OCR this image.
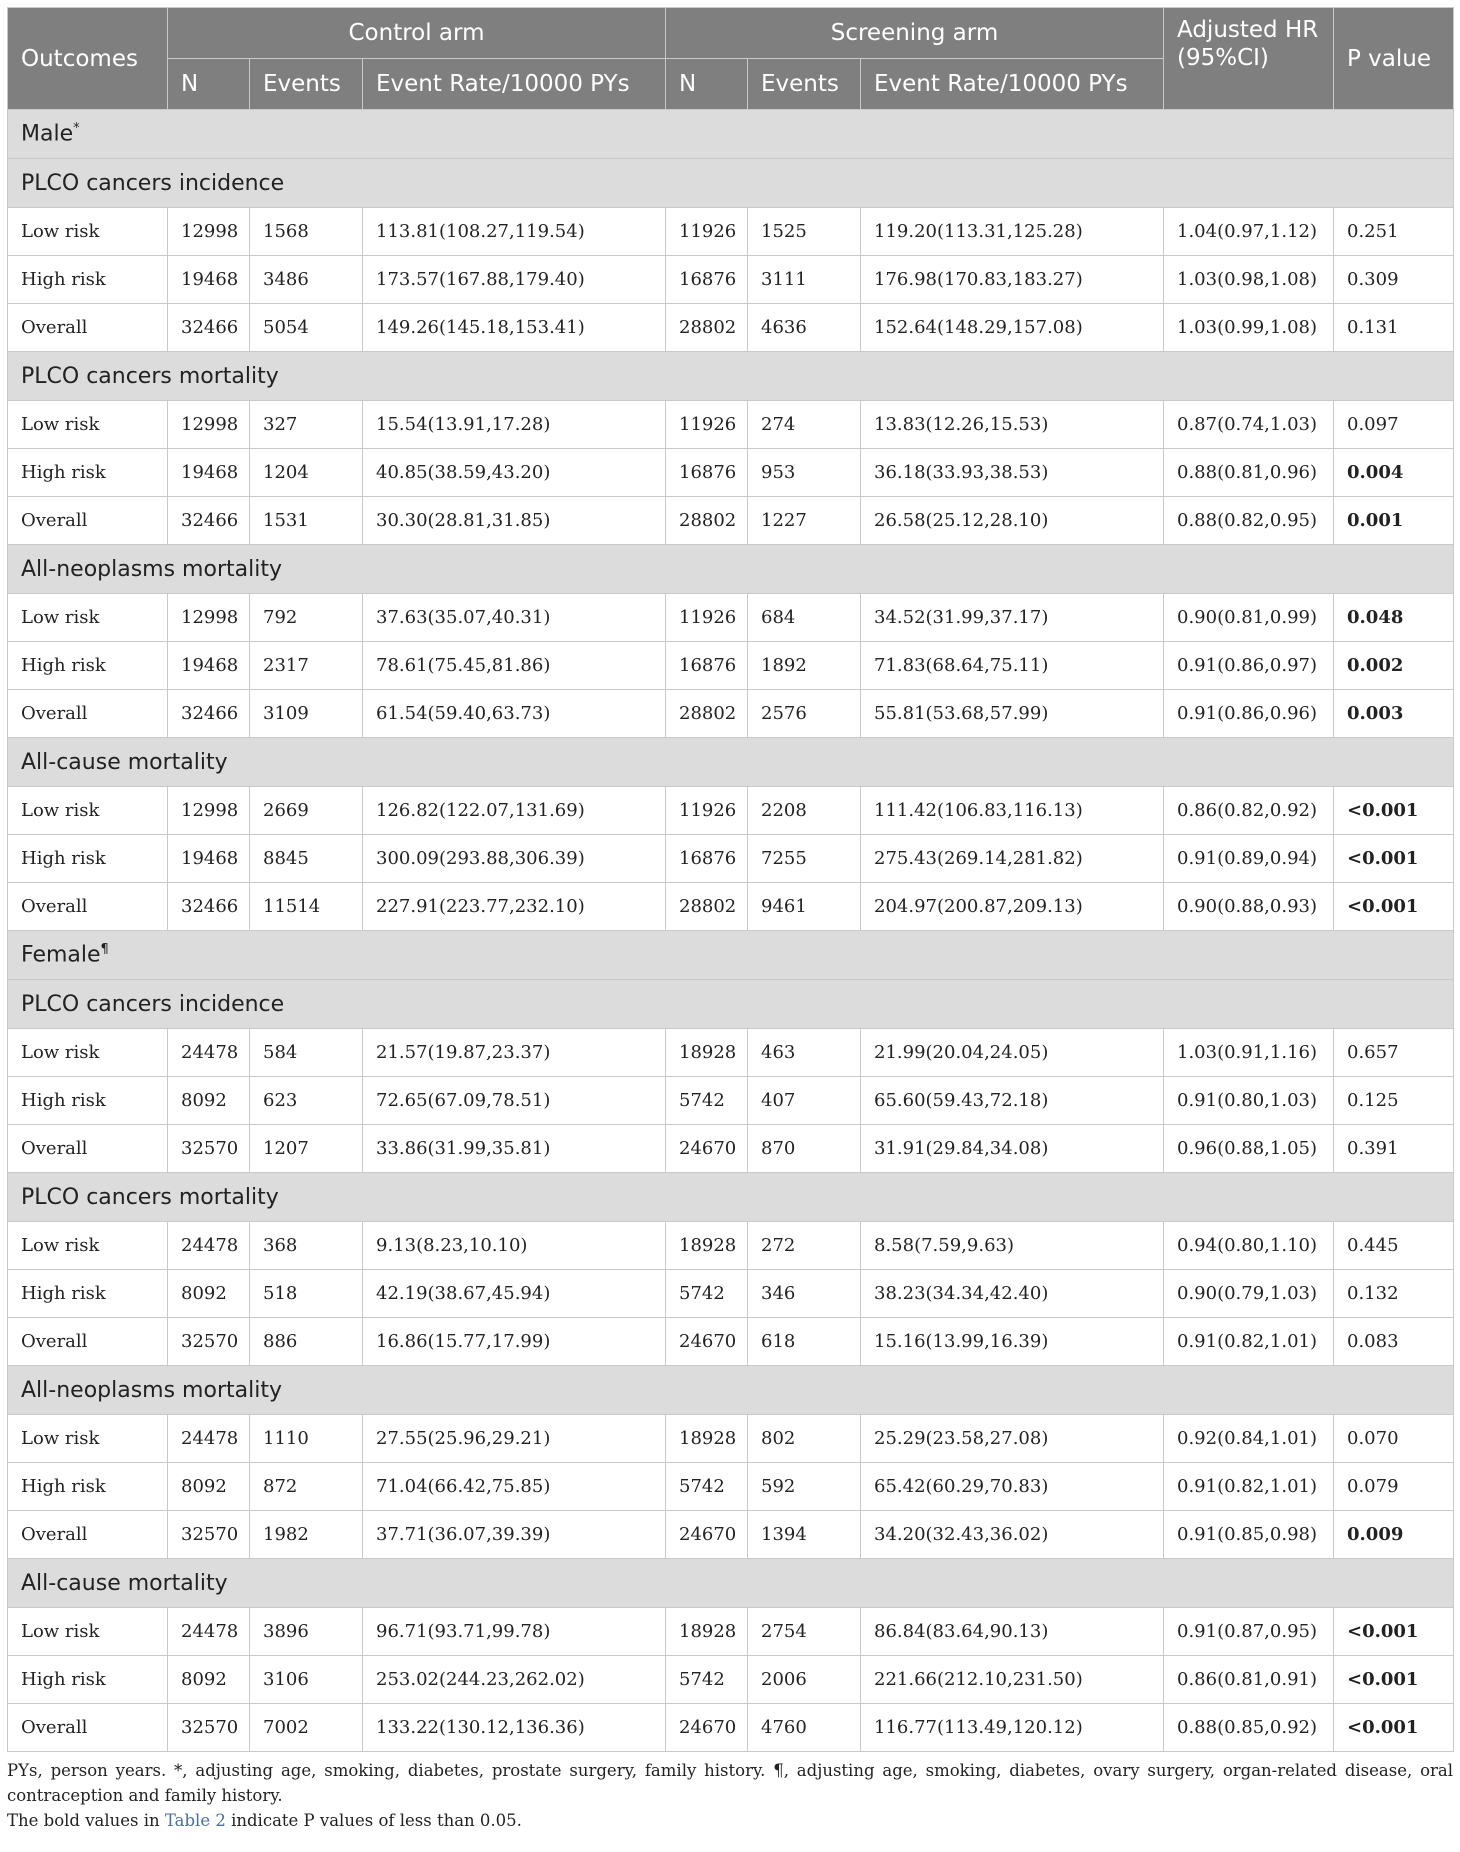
Outcomes	Control arm			Screening arm			Adjusted HR (95%CI)	P value
	N	Events	Event Rate/10000 PYs	N	Events	Event Rate/10000 PYs		
Male*
PLCO cancers incidence								
Low risk	12998	1568	113.81(108.27,119.54)	11926	1525	119.20(113.31,125.28)	1.04(0.97,1.12)	0.251
High risk	19468	3486	173.57(167.88,179.40)	16876	3111	176.98(170.83,183.27)	1.03(0.98,1.08)	0.309
Overall	32466	5054	149.26(145.18,153.41)	28802	4636	152.64(148.29,157.08)	1.03(0.99,1.08)	0.131
PLCO cancers mortality								
Low risk	12998	327	15.54(13.91,17.28)	11926	274	13.83(12.26,15.53)	0.87(0.74,1.03)	0.097
High risk	19468	1204	40.85(38.59,43.20)	16876	953	36.18(33.93,38.53)	0.88(0.81,0.96)	0.004
Overall	32466	1531	30.30(28.81,31.85)	28802	1227	26.58(25.12,28.10)	0.88(0.82,0.95)	0.001
All-neoplasms mortality								
Low risk	12998	792	37.63(35.07,40.31)	11926	684	34.52(31.99,37.17)	0.90(0.81,0.99)	0.048
High risk	19468	2317	78.61(75.45,81.86)	16876	1892	71.83(68.64,75.11)	0.91(0.86,0.97)	0.002
Overall	32466	3109	61.54(59.40,63.73)	28802	2576	55.81(53.68,57.99)	0.91(0.86,0.96)	0.003
All-cause mortality								
Low risk	12998	2669	126.82(122.07,131.69)	11926	2208	111.42(106.83,116.13)	0.86(0.82,0.92)	<0.001
High risk	19468	8845	300.09(293.88,306.39)	16876	7255	275.43(269.14,281.82)	0.91(0.89,0.94)	<0.001
Overall	32466	11514	227.91(223.77,232.10)	28802	9461	204.97(200.87,209.13)	0.90(0.88,0.93)	<0.001
Female¶
PLCO cancers incidence								
Low risk	24478	584	21.57(19.87,23.37)	18928	463	21.99(20.04,24.05)	1.03(0.91,1.16)	0.657
High risk	8092	623	72.65(67.09,78.51)	5742	407	65.60(59.43,72.18)	0.91(0.80,1.03)	0.125
Overall	32570	1207	33.86(31.99,35.81)	24670	870	31.91(29.84,34.08)	0.96(0.88,1.05)	0.391
PLCO cancers mortality								
Low risk	24478	368	9.13(8.23,10.10)	18928	272	8.58(7.59,9.63)	0.94(0.80,1.10)	0.445
High risk	8092	518	42.19(38.67,45.94)	5742	346	38.23(34.34,42.40)	0.90(0.79,1.03)	0.132
Overall	32570	886	16.86(15.77,17.99)	24670	618	15.16(13.99,16.39)	0.91(0.82,1.01)	0.083
All-neoplasms mortality								
Low risk	24478	1110	27.55(25.96,29.21)	18928	802	25.29(23.58,27.08)	0.92(0.84,1.01)	0.070
High risk	8092	872	71.04(66.42,75.85)	5742	592	65.42(60.29,70.83)	0.91(0.82,1.01)	0.079
Overall	32570	1982	37.71(36.07,39.39)	24670	1394	34.20(32.43,36.02)	0.91(0.85,0.98)	0.009
All-cause mortality								
Low risk	24478	3896	96.71(93.71,99.78)	18928	2754	86.84(83.64,90.13)	0.91(0.87,0.95)	<0.001
High risk	8092	3106	253.02(244.23,262.02)	5742	2006	221.66(212.10,231.50)	0.86(0.81,0.91)	<0.001
Overall	32570	7002	133.22(130.12,136.36)	24670	4760	116.77(113.49,120.12)	0.88(0.85,0.92)	<0.001

PYs, person years. *, adjusting age, smoking, diabetes, prostate surgery, family history. ¶, adjusting age, smoking, diabetes, ovary surgery, organ-related disease, oral contraception and family history.

The bold values in Table 2 indicate P values of less than 0.05.
